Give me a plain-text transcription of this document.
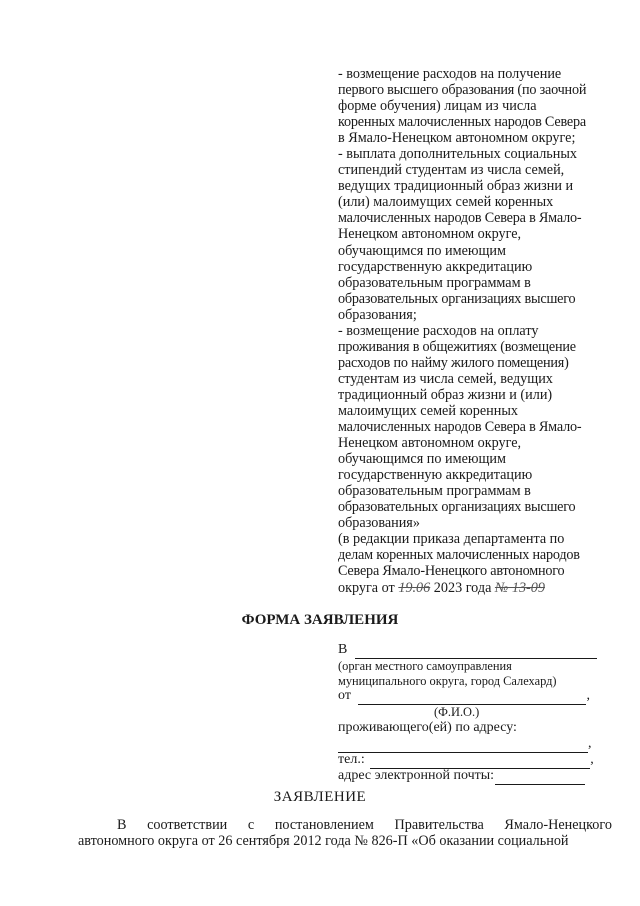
- возмещение расходов на получение
первого высшего образования (по заочной
форме обучения) лицам из числа
коренных малочисленных народов Севера
в Ямало-Ненецком автономном округе;
- выплата дополнительных социальных
стипендий студентам из числа семей,
ведущих традиционный образ жизни и
(или) малоимущих семей коренных
малочисленных народов Севера в Ямало-
Ненецком автономном округе,
обучающимся по имеющим
государственную аккредитацию
образовательным программам в
образовательных организациях высшего
образования;
- возмещение расходов на оплату
проживания в общежитиях (возмещение
расходов по найму жилого помещения)
студентам из числа семей, ведущих
традиционный образ жизни и (или)
малоимущих семей коренных
малочисленных народов Севера в Ямало-
Ненецком автономном округе,
обучающимся по имеющим
государственную аккредитацию
образовательным программам в
образовательных организациях высшего
образования»
(в редакции приказа департамента по
делам коренных малочисленных народов
Севера Ямало-Ненецкого автономного
округа от 19.06 2023 года № 13-09

ФОРМА ЗАЯВЛЕНИЯ
В
(орган местного самоуправления
муниципального округа, город Салехард)
от	,
(Ф.И.О.)
проживающего(ей) по адресу:
,
тел.:	,
адрес электронной почты:
ЗАЯВЛЕНИЕ
В соответствии с постановлением Правительства Ямало-Ненецкого
автономного округа от 26 сентября 2012 года № 826-П «Об оказании социальной
